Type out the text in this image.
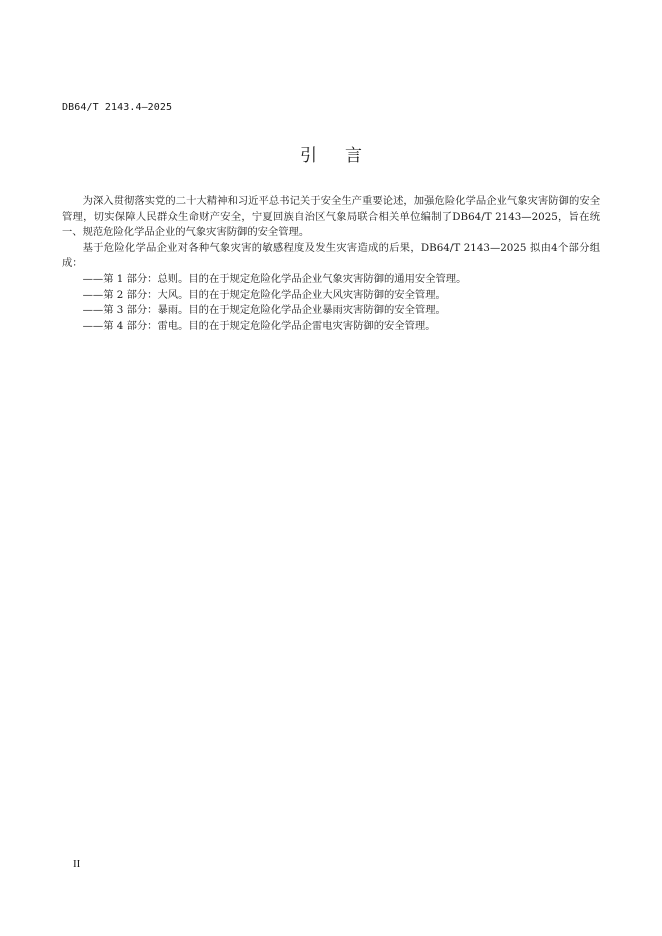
DB64/T 2143.4—2025
引言

为深入贯彻落实党的二十大精神和习近平总书记关于安全生产重要论述，加强危险化学品企业气象灾害防御的安全管理，切实保障人民群众生命财产安全，宁夏回族自治区气象局联合相关单位编制了DB64/T 2143—2025，旨在统一、规范危险化学品企业的气象灾害防御的安全管理。

基于危险化学品企业对各种气象灾害的敏感程度及发生灾害造成的后果，DB64/T 2143—2025 拟由4个部分组成：

——第 1 部分：总则。目的在于规定危险化学品企业气象灾害防御的通用安全管理。

——第 2 部分：大风。目的在于规定危险化学品企业大风灾害防御的安全管理。

——第 3 部分：暴雨。目的在于规定危险化学品企业暴雨灾害防御的安全管理。

——第 4 部分：雷电。目的在于规定危险化学品企雷电灾害防御的安全管理。

II
